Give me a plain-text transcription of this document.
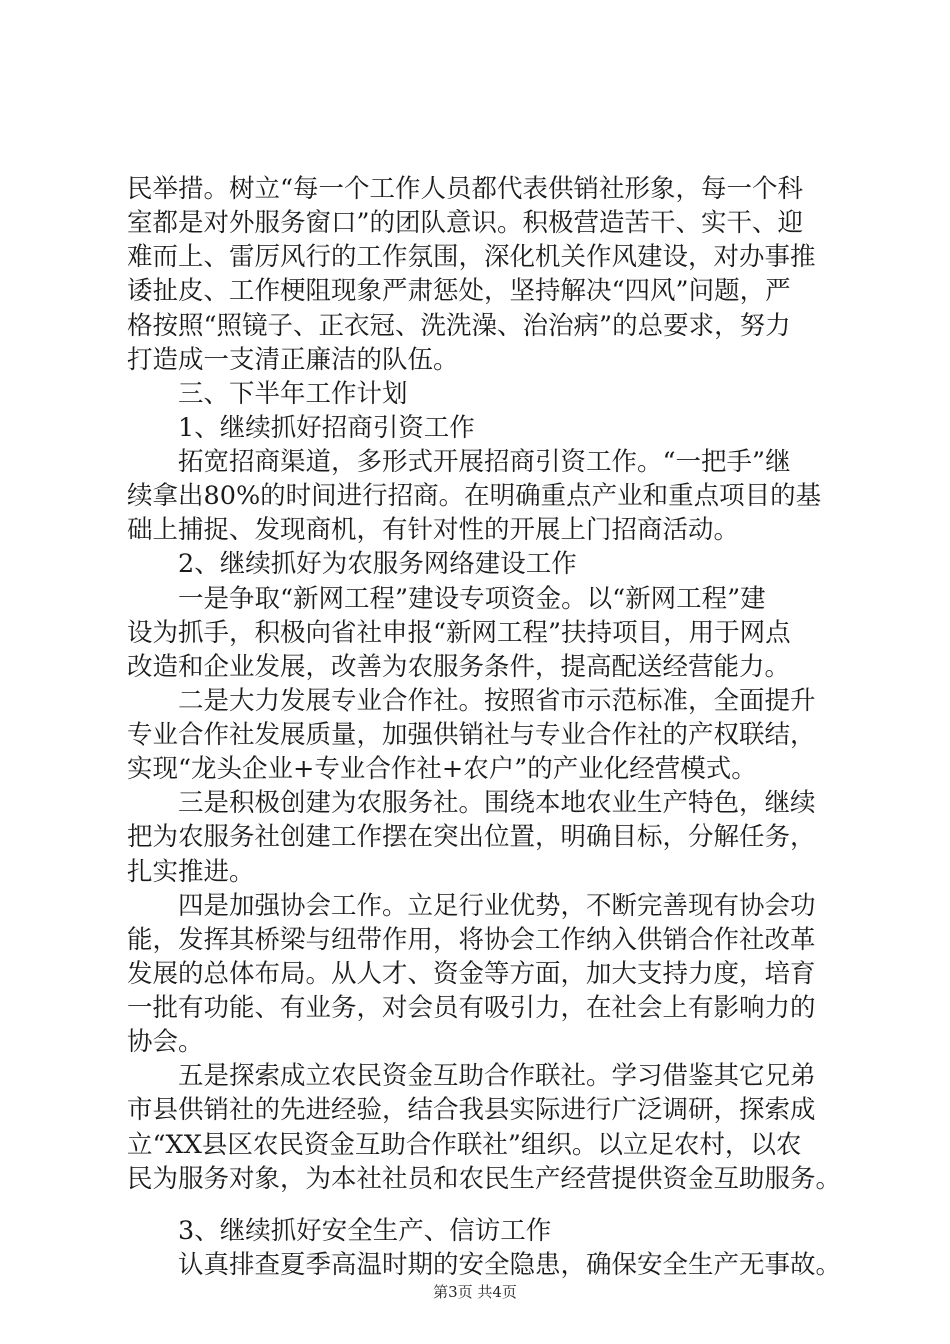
民举措。树立“每一个工作人员都代表供销社形象，每一个科
室都是对外服务窗口”的团队意识。积极营造苦干、实干、迎
难而上、雷厉风行的工作氛围，深化机关作风建设，对办事推
诿扯皮、工作梗阻现象严肃惩处，坚持解决“四风”问题，严
格按照“照镜子、正衣冠、洗洗澡、治治病”的总要求，努力
打造成一支清正廉洁的队伍。
三、下半年工作计划
1、继续抓好招商引资工作
拓宽招商渠道，多形式开展招商引资工作。“一把手”继
续拿出80%的时间进行招商。在明确重点产业和重点项目的基
础上捕捉、发现商机，有针对性的开展上门招商活动。
2、继续抓好为农服务网络建设工作
一是争取“新网工程”建设专项资金。以“新网工程”建
设为抓手，积极向省社申报“新网工程”扶持项目，用于网点
改造和企业发展，改善为农服务条件，提高配送经营能力。
二是大力发展专业合作社。按照省市示范标准，全面提升
专业合作社发展质量，加强供销社与专业合作社的产权联结，
实现“龙头企业+专业合作社+农户”的产业化经营模式。
三是积极创建为农服务社。围绕本地农业生产特色，继续
把为农服务社创建工作摆在突出位置，明确目标，分解任务，
扎实推进。
四是加强协会工作。立足行业优势，不断完善现有协会功
能，发挥其桥梁与纽带作用，将协会工作纳入供销合作社改革
发展的总体布局。从人才、资金等方面，加大支持力度，培育
一批有功能、有业务，对会员有吸引力，在社会上有影响力的
协会。
五是探索成立农民资金互助合作联社。学习借鉴其它兄弟
市县供销社的先进经验，结合我县实际进行广泛调研，探索成
立“XX县区农民资金互助合作联社”组织。以立足农村，以农
民为服务对象，为本社社员和农民生产经营提供资金互助服务。
3、继续抓好安全生产、信访工作
认真排查夏季高温时期的安全隐患，确保安全生产无事故。
第3页 共4页
